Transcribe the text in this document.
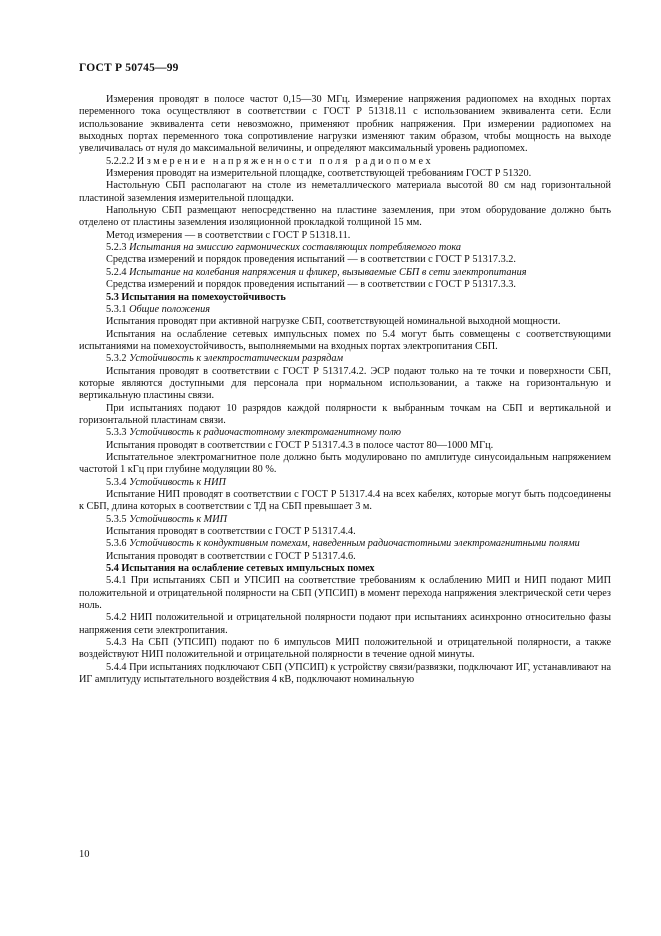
ГОСТ Р 50745—99

Измерения проводят в полосе частот 0,15—30 МГц. Измерение напряжения радиопомех на входных портах переменного тока осуществляют в соответствии с ГОСТ Р 51318.11 с использованием эквивалента сети. Если использование эквивалента сети невозможно, применяют пробник напряжения. При измерении радиопомех на выходных портах переменного тока сопротивление нагрузки изменяют таким образом, чтобы мощность на выходе увеличивалась от нуля до максимальной величины, и определяют максимальный уровень радиопомех.

5.2.2.2 Измерение напряженности поля радиопомех

Измерения проводят на измерительной площадке, соответствующей требованиям ГОСТ Р 51320.

Настольную СБП располагают на столе из неметаллического материала высотой 80 см над горизонтальной пластиной заземления измерительной площадки.

Напольную СБП размещают непосредственно на пластине заземления, при этом оборудование должно быть отделено от пластины заземления изоляционной прокладкой толщиной 15 мм.

Метод измерения — в соответствии с ГОСТ Р 51318.11.

5.2.3 Испытания на эмиссию гармонических составляющих потребляемого тока

Средства измерений и порядок проведения испытаний — в соответствии с ГОСТ Р 51317.3.2.

5.2.4 Испытание на колебания напряжения и фликер, вызываемые СБП в сети электропитания

Средства измерений и порядок проведения испытаний — в соответствии с ГОСТ Р 51317.3.3.

5.3 Испытания на помехоустойчивость

5.3.1 Общие положения

Испытания проводят при активной нагрузке СБП, соответствующей номинальной выходной мощности.

Испытания на ослабление сетевых импульсных помех по 5.4 могут быть совмещены с соответствующими испытаниями на помехоустойчивость, выполняемыми на входных портах электропитания СБП.

5.3.2 Устойчивость к электростатическим разрядам

Испытания проводят в соответствии с ГОСТ Р 51317.4.2. ЭСР подают только на те точки и поверхности СБП, которые являются доступными для персонала при нормальном использовании, а также на горизонтальную и вертикальную пластины связи.

При испытаниях подают 10 разрядов каждой полярности к выбранным точкам на СБП и вертикальной и горизонтальной пластинам связи.

5.3.3 Устойчивость к радиочастотному электромагнитному полю

Испытания проводят в соответствии с ГОСТ Р 51317.4.3 в полосе частот 80—1000 МГц.

Испытательное электромагнитное поле должно быть модулировано по амплитуде синусоидальным напряжением частотой 1 кГц при глубине модуляции 80 %.

5.3.4 Устойчивость к НИП

Испытание НИП проводят в соответствии с ГОСТ Р 51317.4.4 на всех кабелях, которые могут быть подсоединены к СБП, длина которых в соответствии с ТД на СБП превышает 3 м.

5.3.5 Устойчивость к МИП

Испытания проводят в соответствии с ГОСТ Р 51317.4.4.

5.3.6 Устойчивость к кондуктивным помехам, наведенным радиочастотными электромагнитными полями

Испытания проводят в соответствии с ГОСТ Р 51317.4.6.

5.4 Испытания на ослабление сетевых импульсных помех

5.4.1 При испытаниях СБП и УПСИП на соответствие требованиям к ослаблению МИП и НИП подают МИП положительной и отрицательной полярности на СБП (УПСИП) в момент перехода напряжения электрической сети через ноль.

5.4.2 НИП положительной и отрицательной полярности подают при испытаниях асинхронно относительно фазы напряжения сети электропитания.

5.4.3 На СБП (УПСИП) подают по 6 импульсов МИП положительной и отрицательной полярности, а также воздействуют НИП положительной и отрицательной полярности в течение одной минуты.

5.4.4 При испытаниях подключают СБП (УПСИП) к устройству связи/развязки, подключают ИГ, устанавливают на ИГ амплитуду испытательного воздействия 4 кВ, подключают номинальную

10
